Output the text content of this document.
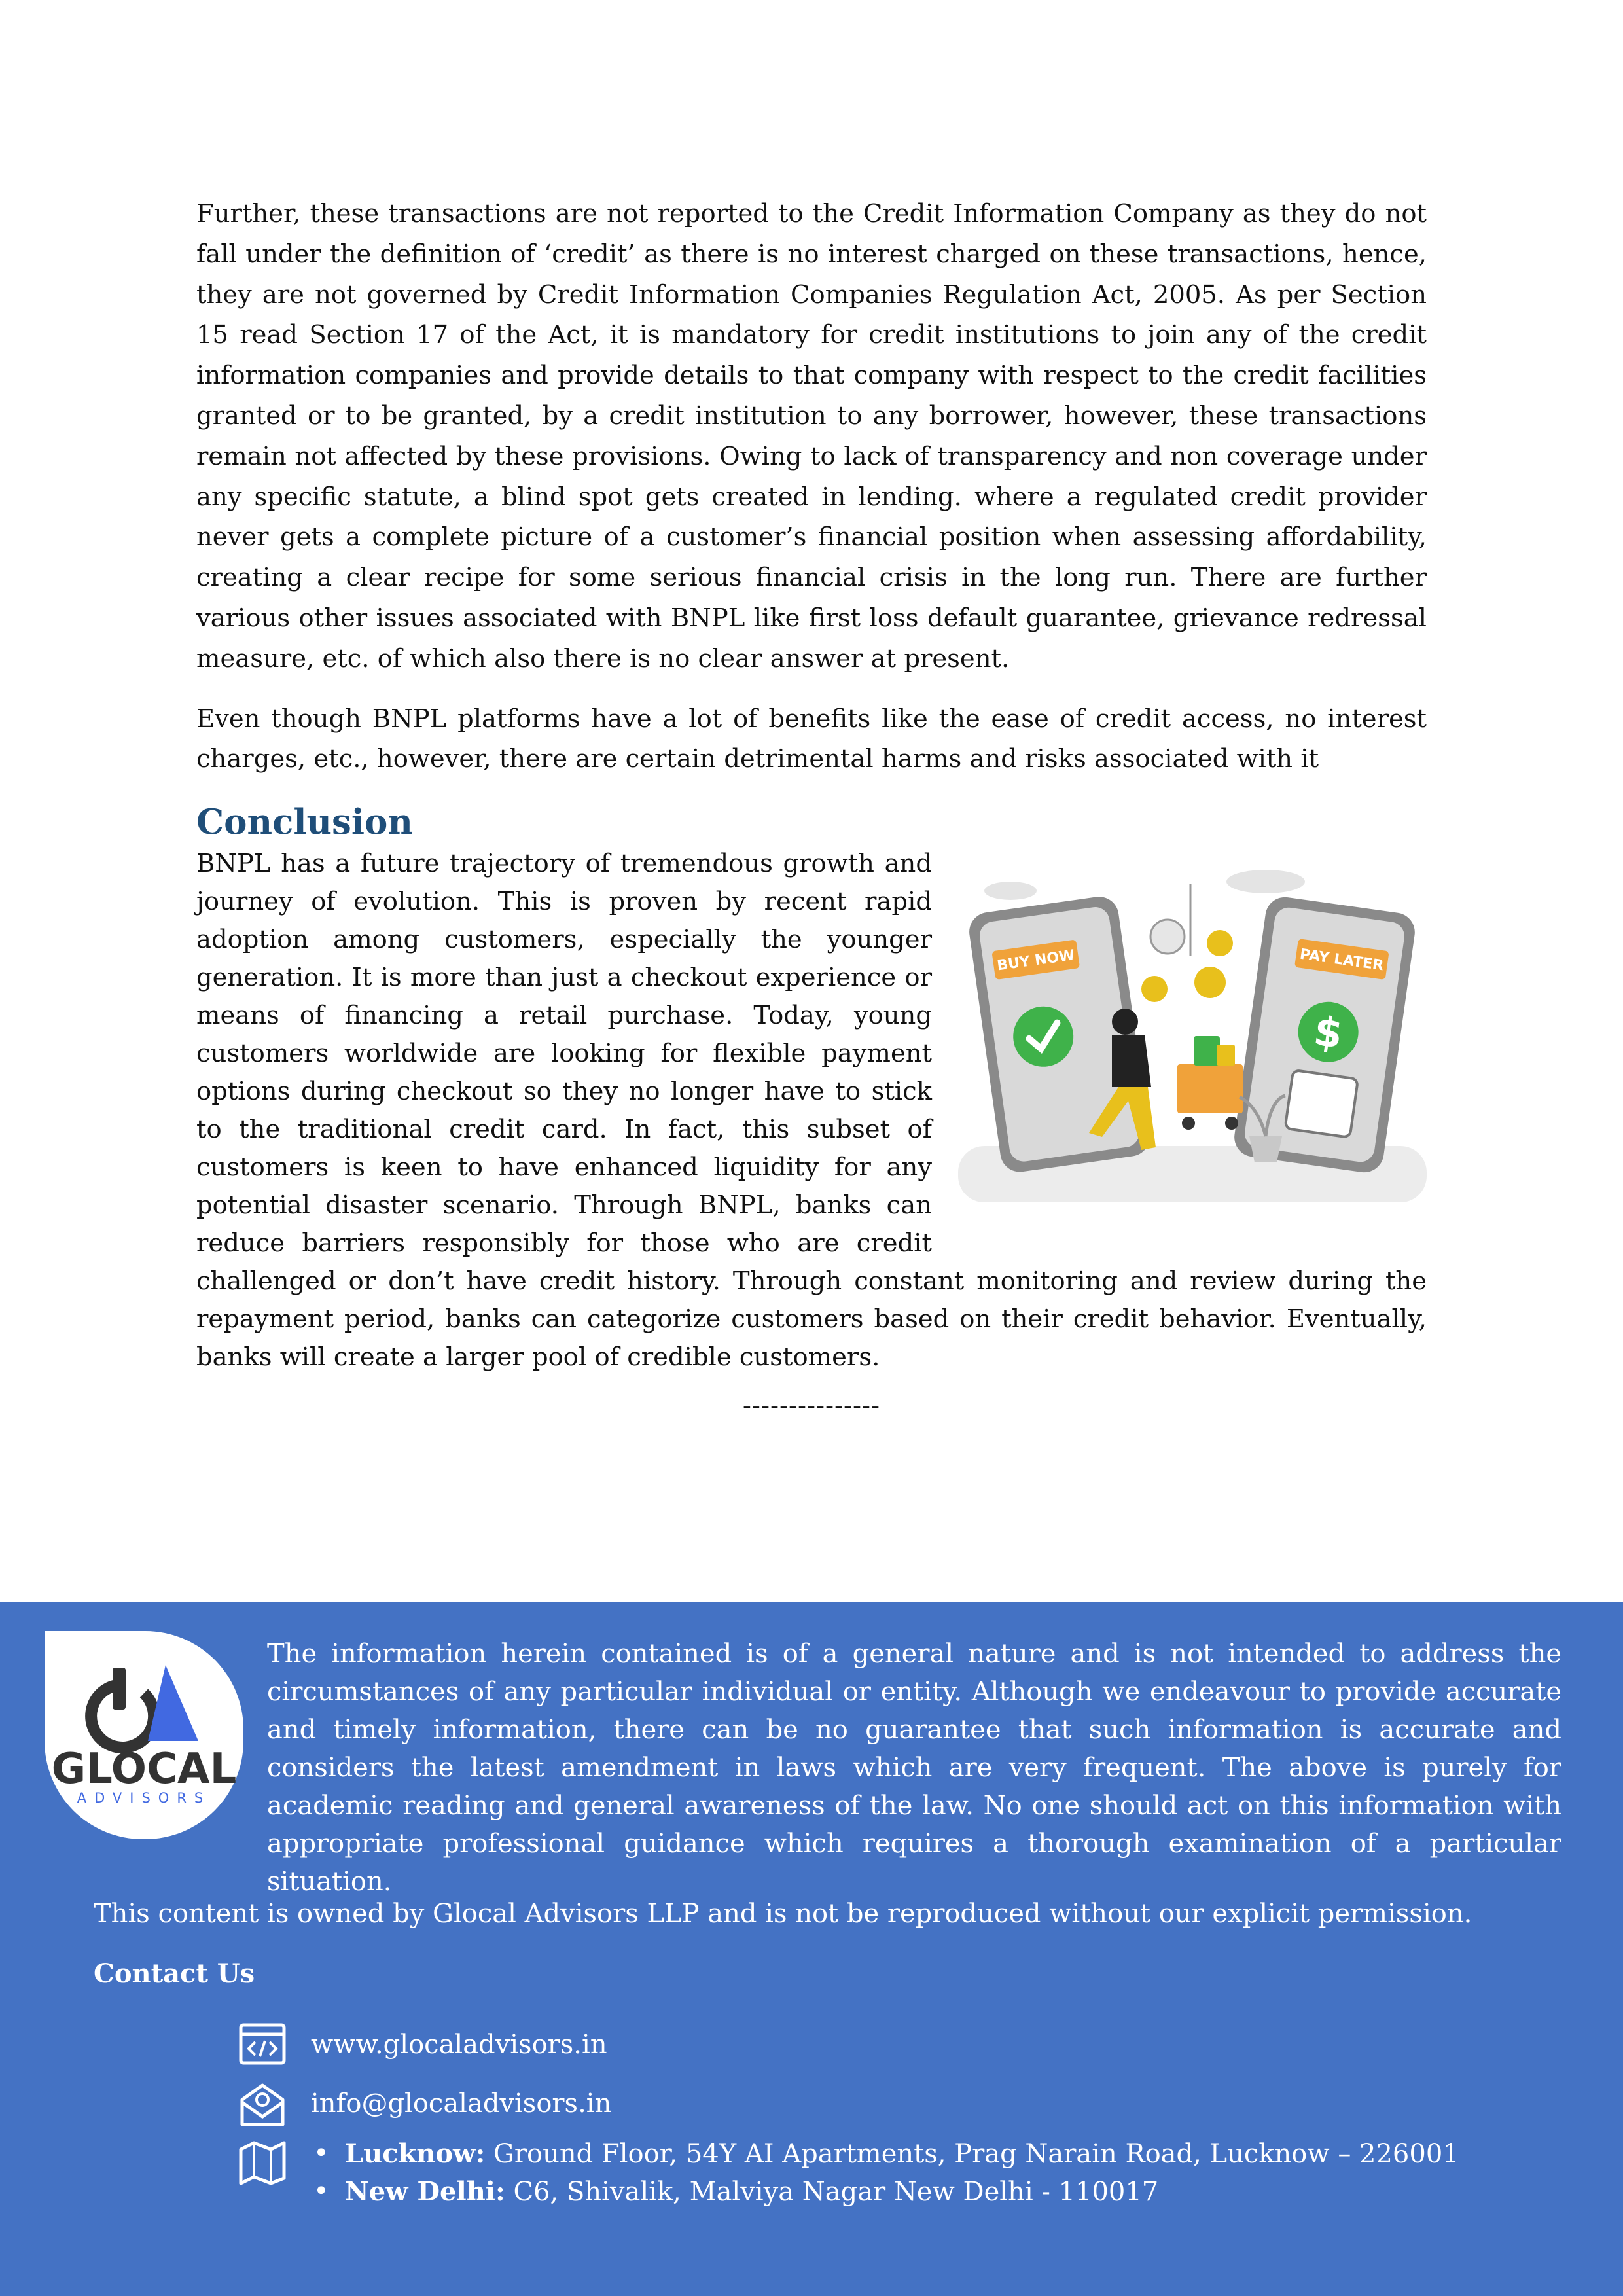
Further, these transactions are not reported to the Credit Information Company as they do not fall under the definition of ‘credit’ as there is no interest charged on these transactions, hence, they are not governed by Credit Information Companies Regulation Act, 2005. As per Section 15 read Section 17 of the Act, it is mandatory for credit institutions to join any of the credit information companies and provide details to that company with respect to the credit facilities granted or to be granted, by a credit institution to any borrower, however, these transactions remain not affected by these provisions. Owing to lack of transparency and non coverage under any specific statute, a blind spot gets created in lending. where a regulated credit provider never gets a complete picture of a customer’s financial position when assessing affordability, creating a clear recipe for some serious financial crisis in the long run. There are further various other issues associated with BNPL like first loss default guarantee, grievance redressal measure, etc. of which also there is no clear answer at present.

Even though BNPL platforms have a lot of benefits like the ease of credit access, no interest charges, etc., however, there are certain detrimental harms and risks associated with it

Conclusion
BUY NOW	PAY LATER
$
BNPL has a future trajectory of tremendous growth and journey of evolution. This is proven by recent rapid adoption among customers, especially the younger generation. It is more than just a checkout experience or means of financing a retail purchase. Today, young customers worldwide are looking for flexible payment options during checkout so they no longer have to stick to the traditional credit card. In fact, this subset of customers is keen to have enhanced liquidity for any potential disaster scenario. Through BNPL, banks can reduce barriers responsibly for those who are credit challenged or don’t have credit history. Through constant monitoring and review during the repayment period, banks can categorize customers based on their credit behavior. Eventually, banks will create a larger pool of credible customers.
---------------
GLOCAL
ADVISORS

The information herein contained is of a general nature and is not intended to address the circumstances of any particular individual or entity. Although we endeavour to provide accurate and timely information, there can be no guarantee that such information is accurate and considers the latest amendment in laws which are very frequent. The above is purely for academic reading and general awareness of the law. No one should act on this information with appropriate professional guidance which requires a thorough examination of a particular situation.

This content is owned by Glocal Advisors LLP and is not be reproduced without our explicit permission.

Contact Us

www.glocaladvisors.in
info@glocaladvisors.in
• Lucknow: Ground Floor, 54Y AI Apartments, Prag Narain Road, Lucknow – 226001
• New Delhi: C6, Shivalik, Malviya Nagar New Delhi - 110017
